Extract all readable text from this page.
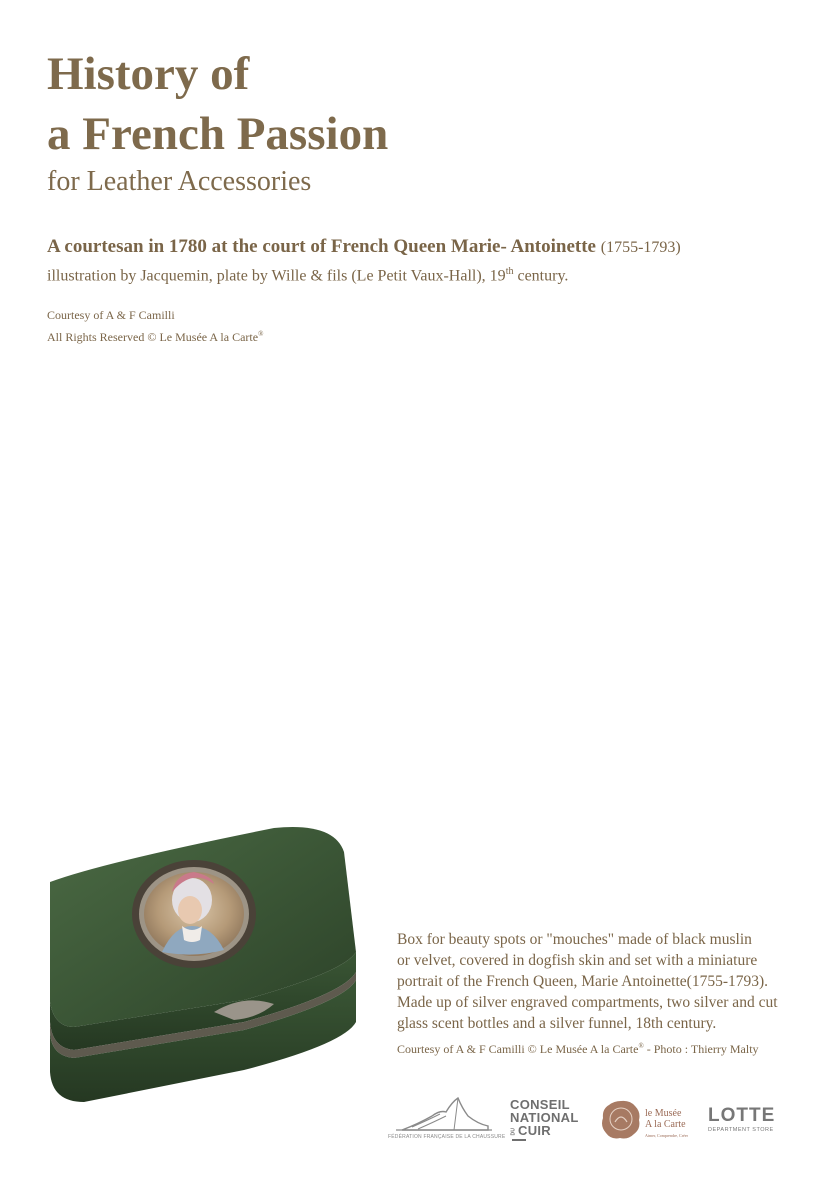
History of
a French Passion
for Leather Accessories
A courtesan in 1780 at the court of French Queen Marie- Antoinette (1755-1793)
illustration by Jacquemin, plate by Wille & fils (Le Petit Vaux-Hall), 19th century.
Courtesy of A & F Camilli
All Rights Reserved © Le Musée A la Carte®
Box for beauty spots or "mouches" made of black muslin
or velvet, covered in dogfish skin and set with a miniature
portrait of the French Queen, Marie Antoinette(1755-1793).
Made up of silver engraved compartments, two silver and cut
glass scent bottles and a silver funnel, 18th century.
Courtesy of A & F Camilli © Le Musée A la Carte® - Photo : Thierry Malty
FÉDÉRATION FRANÇAISE DE LA CHAUSSURE
CONSEIL
NATIONAL
DU CUIR
le Musée
A la Carte
Aimer, Comprendre, Créer
LOTTE
DEPARTMENT STORE
